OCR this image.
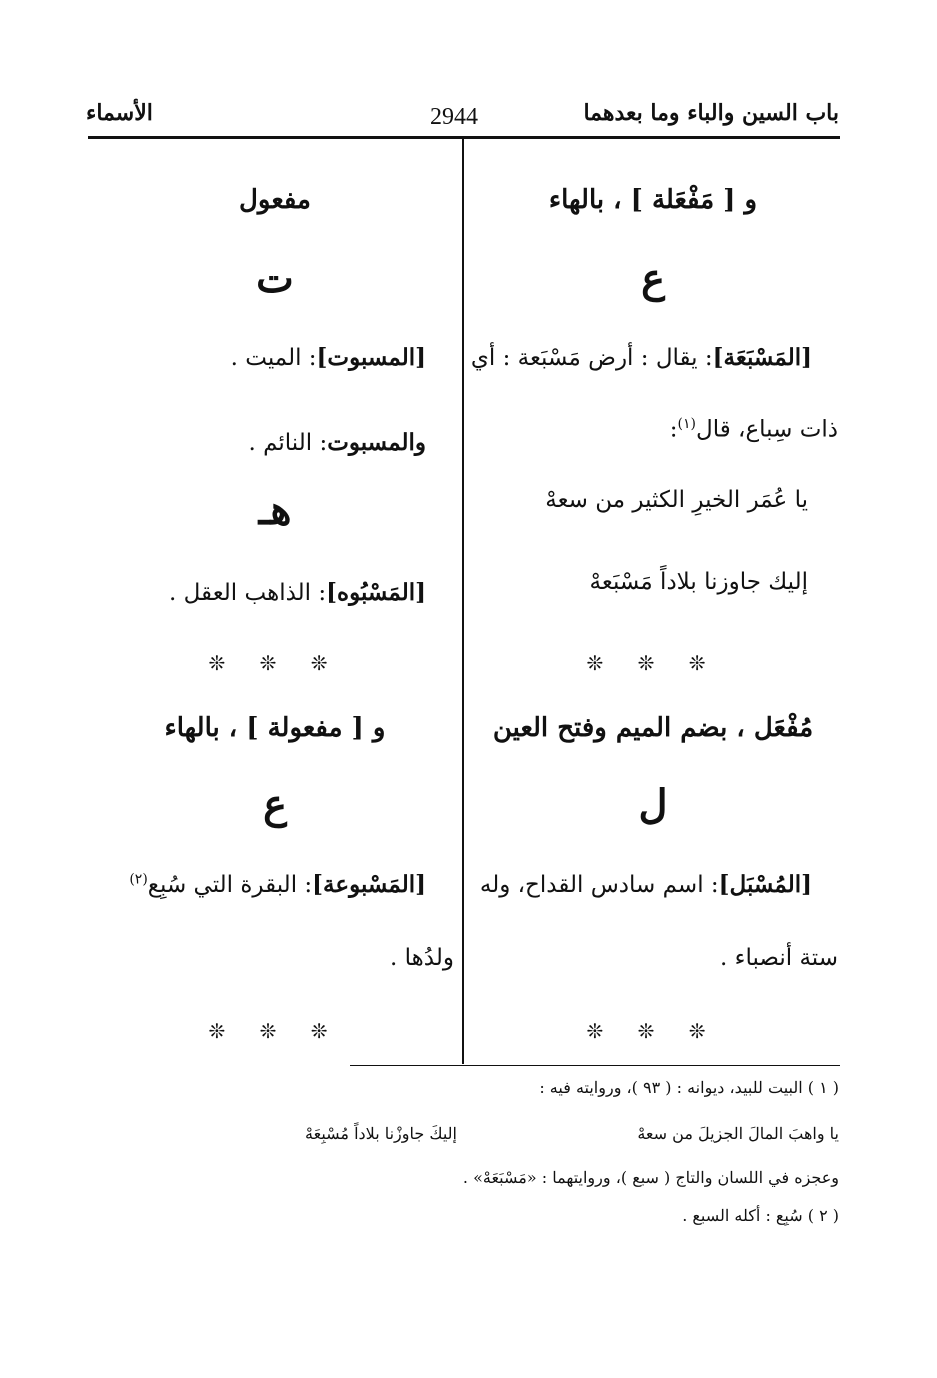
باب السين والباء وما بعدهما
2944
الأسماء
و [ مَفْعَلة ] ، بالهاء
ع
[المَسْبَعَة]: يقال : أرض مَسْبَعة : أي
ذات سِباع، قال$^{(١)}$:
يا عُمَر الخيرِ الكثير من سعهْ
إليك جاوزنا بلاداً مَسْبَعهْ
❊ ❊ ❊
مُفْعَل ، بضم الميم وفتح العين
ل
[المُسْبَل]: اسم سادس القداح، وله
ستة أنصباء .
❊ ❊ ❊
مفعول
ت
[المسبوت]: الميت .
والمسبوت: النائم .
هـ
[المَسْبُوه]: الذاهب العقل .
❊ ❊ ❊
و [ مفعولة ] ، بالهاء
ع
[المَسْبوعة]: البقرة التي سُبِع$^{(٢)}$
ولدُها .
❊ ❊ ❊
( ١ ) البيت للبيد، ديوانه : ( ٩٣ )، وروايته فيه :
يا واهبَ المالَ الجزيلَ من سعهْ
إليكَ جاوزْنا بلاداً مُسْبِعَهْ
وعجزه في اللسان والتاج ( سبع )، وروايتهما : «مَسْبَعَهْ» .
( ٢ ) سُبِع : أكله السبع .
